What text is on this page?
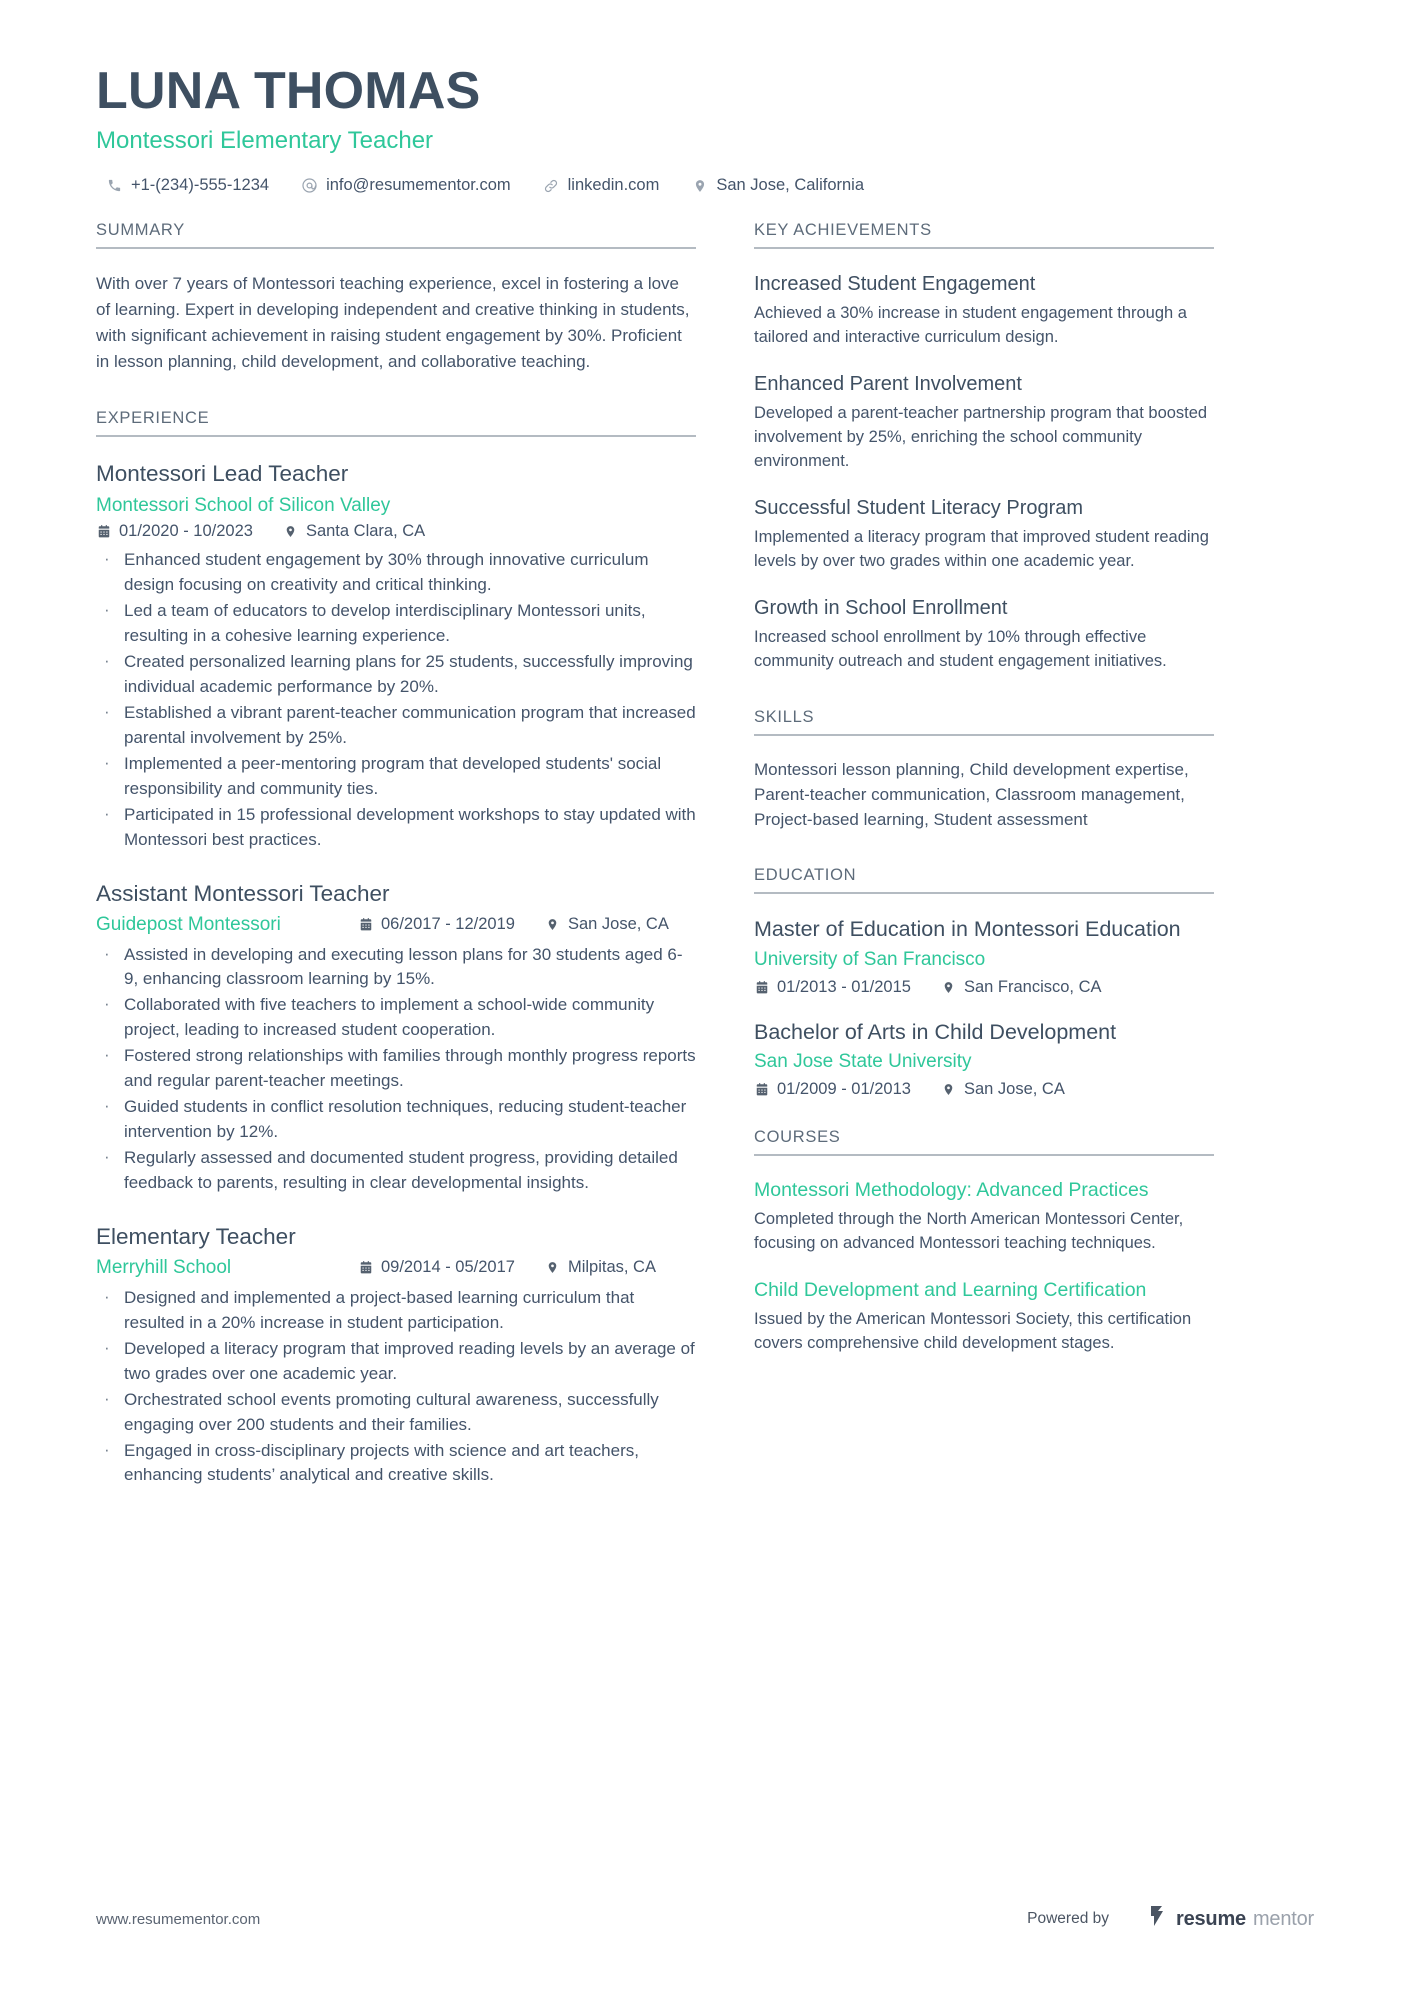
LUNA THOMAS
Montessori Elementary Teacher
+1-(234)-555-1234	info@resumementor.com	linkedin.com	San Jose, California
SUMMARY
With over 7 years of Montessori teaching experience, excel in fostering a love of learning. Expert in developing independent and creative thinking in students, with significant achievement in raising student engagement by 30%. Proficient in lesson planning, child development, and collaborative teaching.
EXPERIENCE
Montessori Lead Teacher
Montessori School of Silicon Valley
01/2020 - 10/2023	Santa Clara, CA
· Enhanced student engagement by 30% through innovative curriculum design focusing on creativity and critical thinking.
· Led a team of educators to develop interdisciplinary Montessori units, resulting in a cohesive learning experience.
· Created personalized learning plans for 25 students, successfully improving individual academic performance by 20%.
· Established a vibrant parent-teacher communication program that increased parental involvement by 25%.
· Implemented a peer-mentoring program that developed students' social responsibility and community ties.
· Participated in 15 professional development workshops to stay updated with Montessori best practices.
Assistant Montessori Teacher
Guidepost Montessori	06/2017 - 12/2019	San Jose, CA
· Assisted in developing and executing lesson plans for 30 students aged 6-9, enhancing classroom learning by 15%.
· Collaborated with five teachers to implement a school-wide community project, leading to increased student cooperation.
· Fostered strong relationships with families through monthly progress reports and regular parent-teacher meetings.
· Guided students in conflict resolution techniques, reducing student-teacher intervention by 12%.
· Regularly assessed and documented student progress, providing detailed feedback to parents, resulting in clear developmental insights.
Elementary Teacher
Merryhill School	09/2014 - 05/2017	Milpitas, CA
· Designed and implemented a project-based learning curriculum that resulted in a 20% increase in student participation.
· Developed a literacy program that improved reading levels by an average of two grades over one academic year.
· Orchestrated school events promoting cultural awareness, successfully engaging over 200 students and their families.
· Engaged in cross-disciplinary projects with science and art teachers, enhancing students’ analytical and creative skills.
KEY ACHIEVEMENTS
Increased Student Engagement
Achieved a 30% increase in student engagement through a tailored and interactive curriculum design.
Enhanced Parent Involvement
Developed a parent-teacher partnership program that boosted involvement by 25%, enriching the school community environment.
Successful Student Literacy Program
Implemented a literacy program that improved student reading levels by over two grades within one academic year.
Growth in School Enrollment
Increased school enrollment by 10% through effective community outreach and student engagement initiatives.
SKILLS
Montessori lesson planning, Child development expertise, Parent-teacher communication, Classroom management, Project-based learning, Student assessment
EDUCATION
Master of Education in Montessori Education
University of San Francisco
01/2013 - 01/2015	San Francisco, CA
Bachelor of Arts in Child Development
San Jose State University
01/2009 - 01/2013	San Jose, CA
COURSES
Montessori Methodology: Advanced Practices
Completed through the North American Montessori Center, focusing on advanced Montessori teaching techniques.
Child Development and Learning Certification
Issued by the American Montessori Society, this certification covers comprehensive child development stages.
www.resumementor.com	Powered by	resume mentor
